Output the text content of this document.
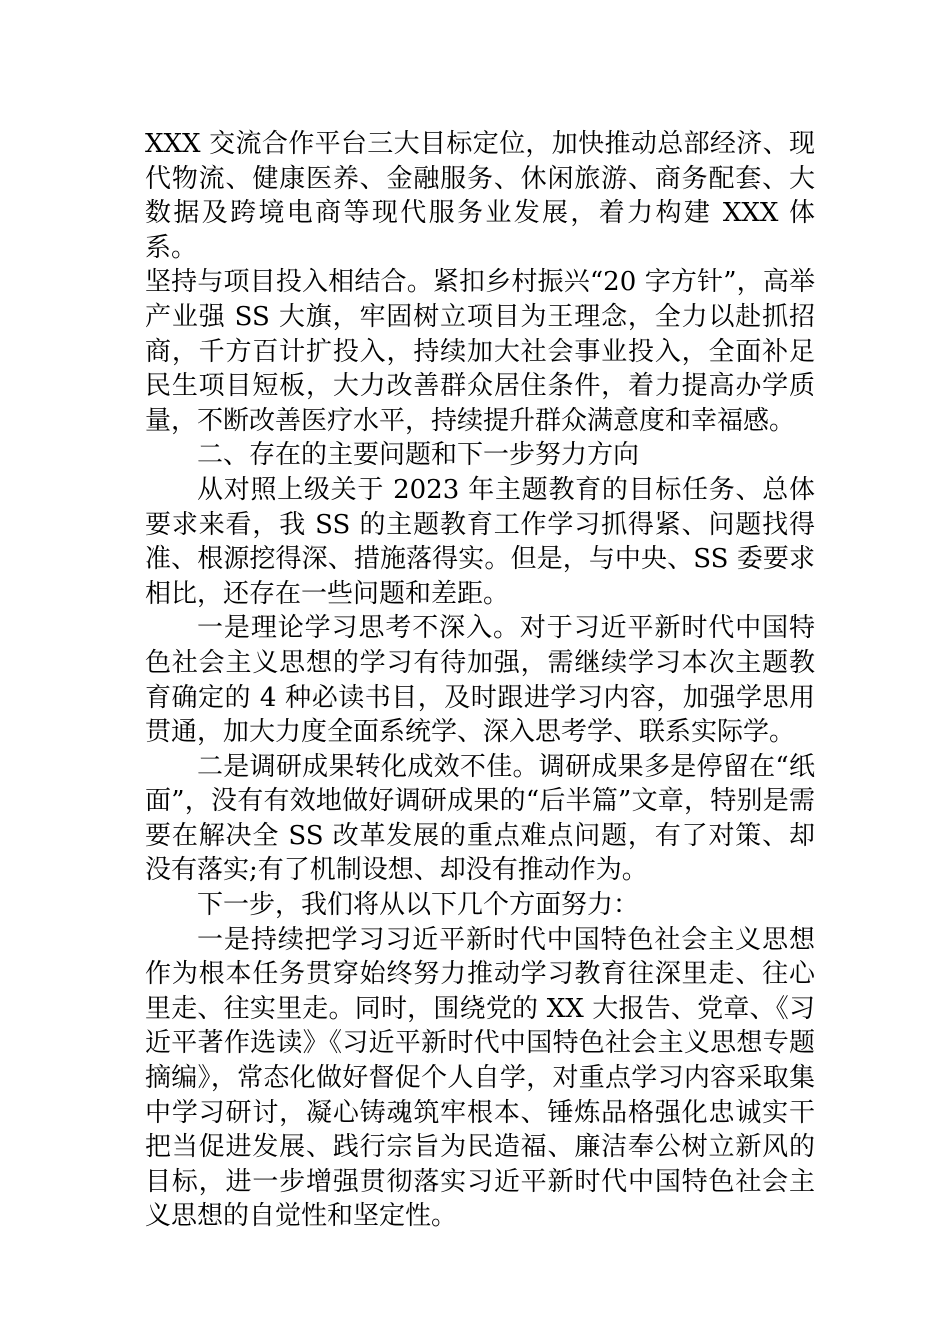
XXX 交流合作平台三大目标定位，加快推动总部经济、现代物流、健康医养、金融服务、休闲旅游、商务配套、大数据及跨境电商等现代服务业发展，着力构建 XXX 体系。

坚持与项目投入相结合。紧扣乡村振兴“20 字方针”，高举产业强 SS 大旗，牢固树立项目为王理念，全力以赴抓招商，千方百计扩投入，持续加大社会事业投入，全面补足民生项目短板，大力改善群众居住条件，着力提高办学质量，不断改善医疗水平，持续提升群众满意度和幸福感。

二、存在的主要问题和下一步努力方向

从对照上级关于 2023 年主题教育的目标任务、总体要求来看，我 SS 的主题教育工作学习抓得紧、问题找得准、根源挖得深、措施落得实。但是，与中央、SS 委要求相比，还存在一些问题和差距。

一是理论学习思考不深入。对于习近平新时代中国特色社会主义思想的学习有待加强，需继续学习本次主题教育确定的 4 种必读书目，及时跟进学习内容，加强学思用贯通，加大力度全面系统学、深入思考学、联系实际学。

二是调研成果转化成效不佳。调研成果多是停留在“纸面”，没有有效地做好调研成果的“后半篇”文章，特别是需要在解决全 SS 改革发展的重点难点问题，有了对策、却没有落实;有了机制设想、却没有推动作为。

下一步，我们将从以下几个方面努力：

一是持续把学习习近平新时代中国特色社会主义思想作为根本任务贯穿始终努力推动学习教育往深里走、往心里走、往实里走。同时，围绕党的 XX 大报告、党章、《习近平著作选读》《习近平新时代中国特色社会主义思想专题摘编》，常态化做好督促个人自学，对重点学习内容采取集中学习研讨，凝心铸魂筑牢根本、锤炼品格强化忠诚实干把当促进发展、践行宗旨为民造福、廉洁奉公树立新风的目标，进一步增强贯彻落实习近平新时代中国特色社会主义思想的自觉性和坚定性。
